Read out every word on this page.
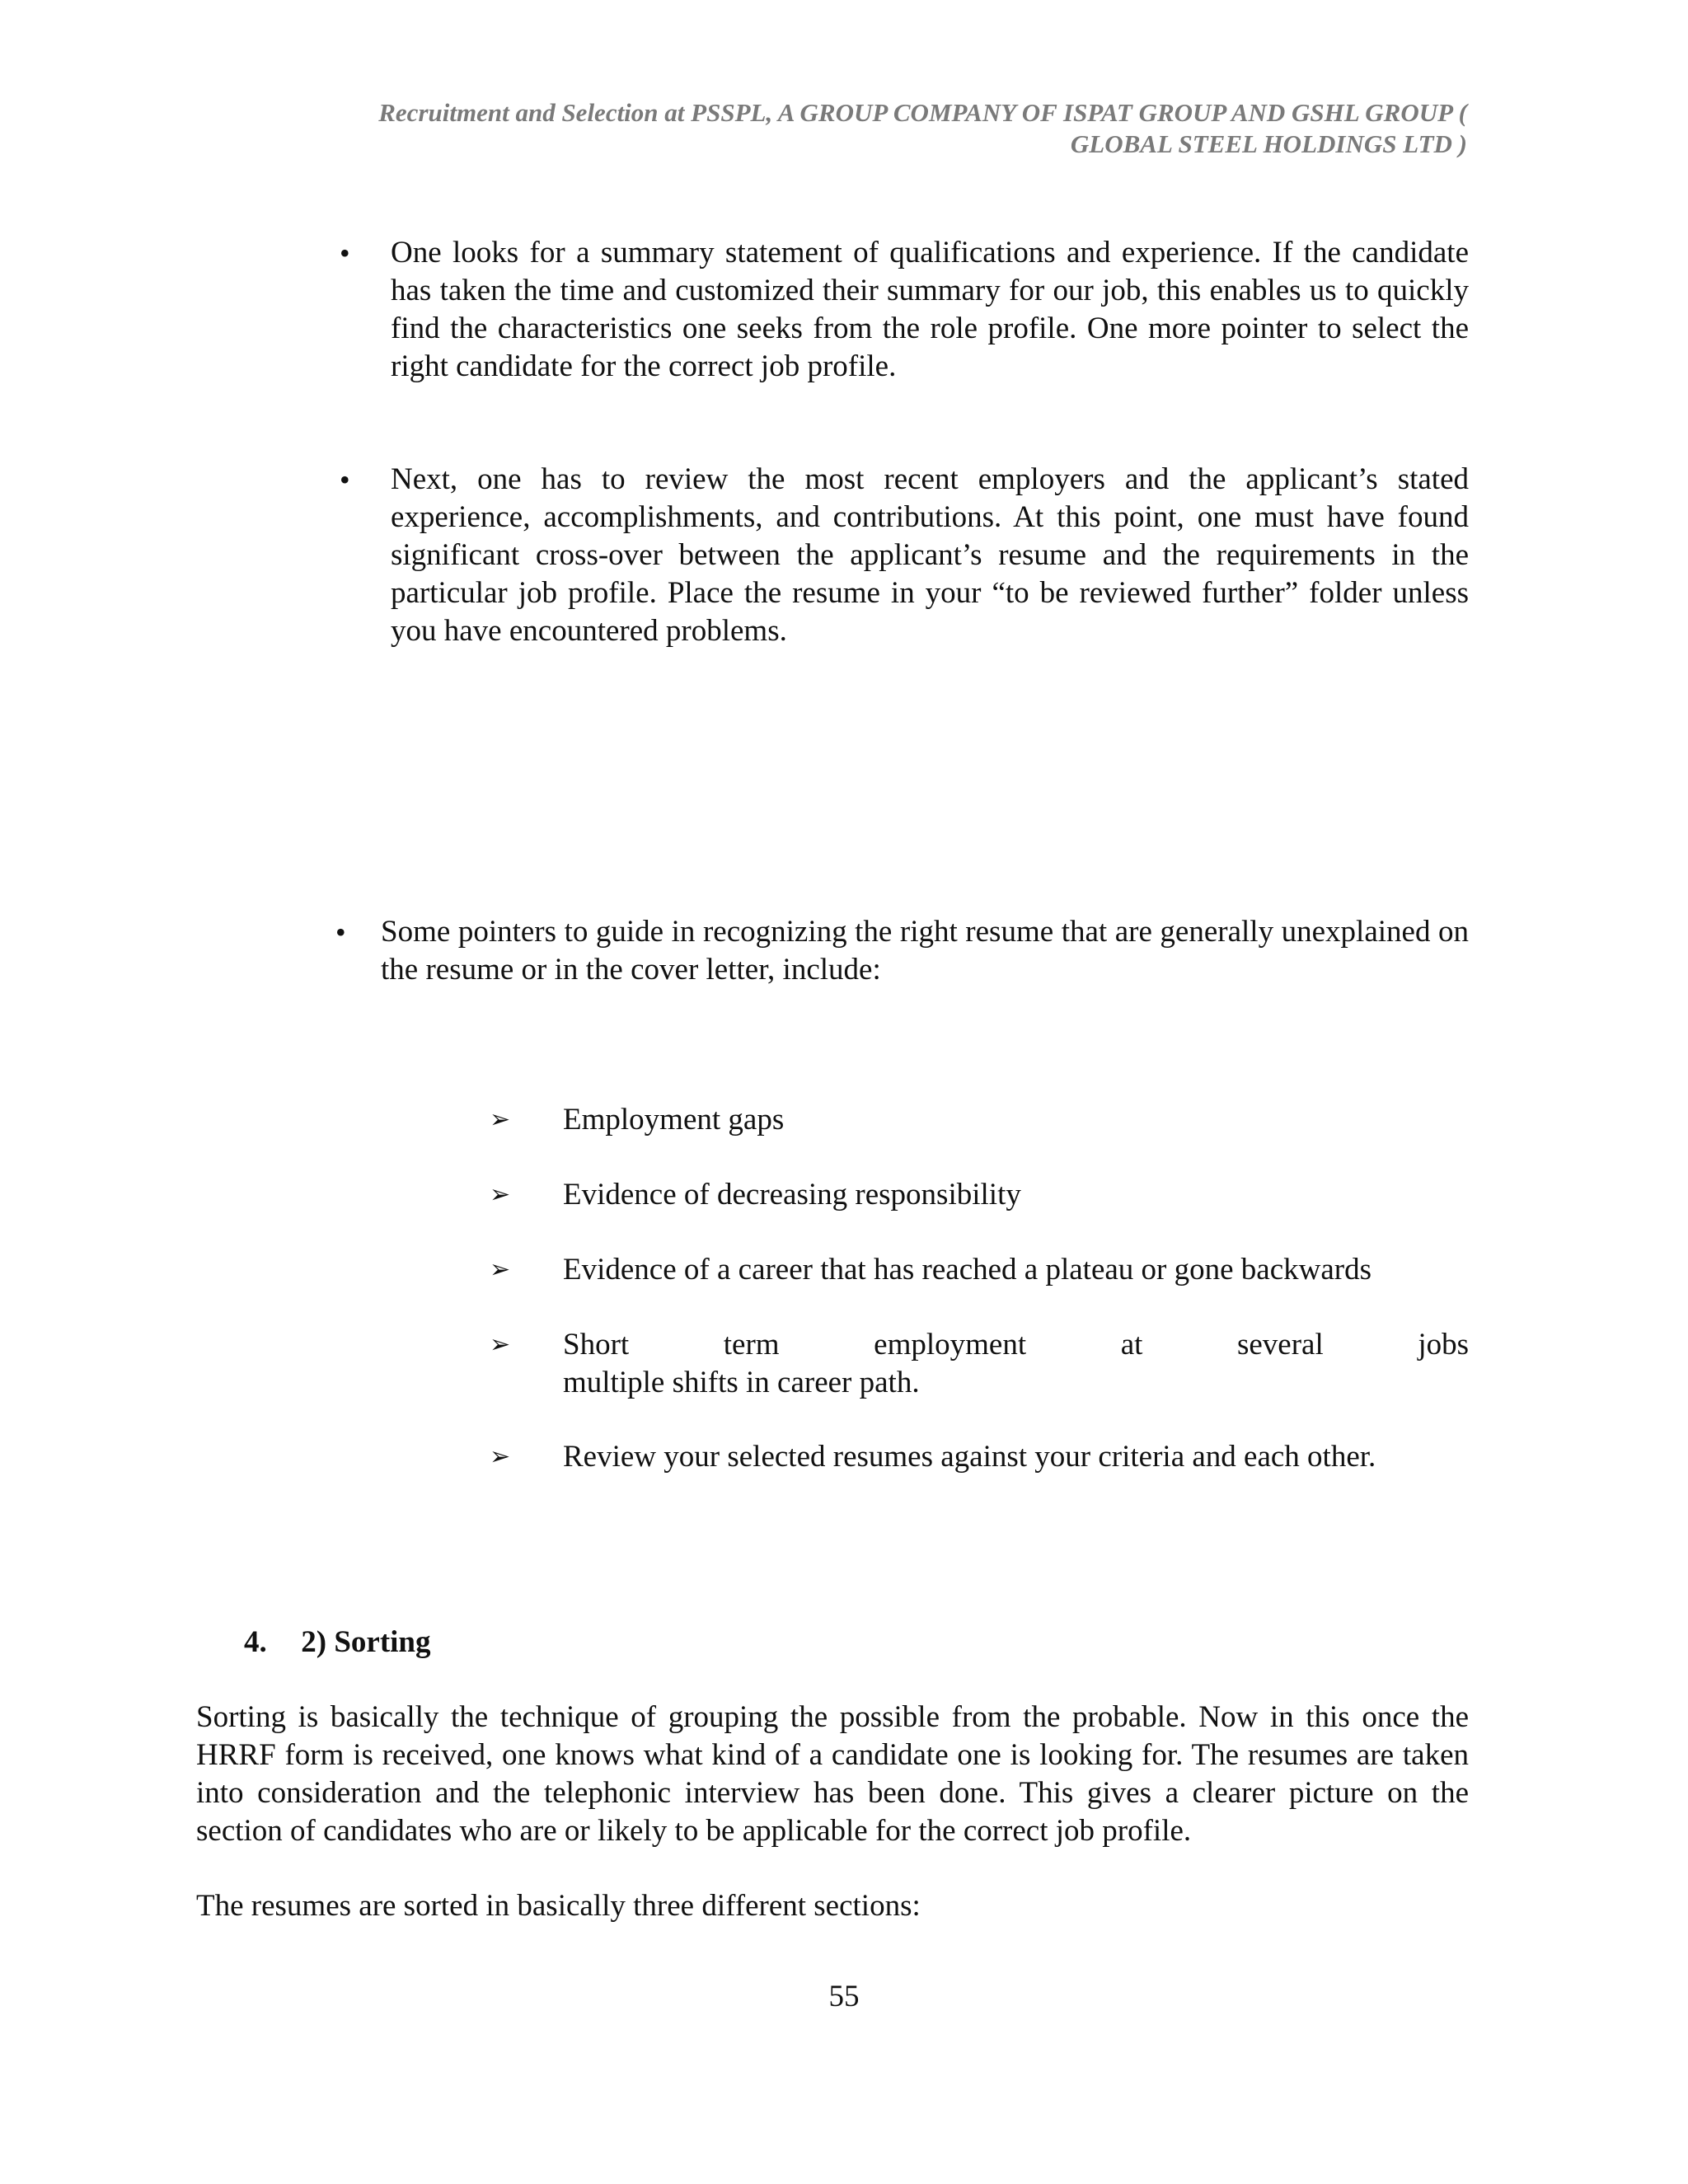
Recruitment and Selection at PSSPL, A GROUP COMPANY OF ISPAT GROUP AND GSHL GROUP (
GLOBAL STEEL HOLDINGS LTD )
• One looks for a summary statement of qualifications and experience. If the candidate has taken the time and customized their summary for our job, this enables us to quickly find the characteristics one seeks from the role profile. One more pointer to select the right candidate for the correct job profile.
• Next, one has to review the most recent employers and the applicant’s stated experience, accomplishments, and contributions. At this point, one must have found significant cross-over between the applicant’s resume and the requirements in the particular job profile. Place the resume in your “to be reviewed further” folder unless you have encountered problems.
• Some pointers to guide in recognizing the right resume that are generally unexplained on the resume or in the cover letter, include:
➢ Employment gaps
➢ Evidence of decreasing responsibility
➢ Evidence of a career that has reached a plateau or gone backwards
➢ Short term employment at several jobs
multiple shifts in career path.
➢ Review your selected resumes against your criteria and each other.
4. 2) Sorting
Sorting is basically the technique of grouping the possible from the probable. Now in this once the HRRF form is received, one knows what kind of a candidate one is looking for. The resumes are taken into consideration and the telephonic interview has been done. This gives a clearer picture on the section of candidates who are or likely to be applicable for the correct job profile.
The resumes are sorted in basically three different sections:
55
